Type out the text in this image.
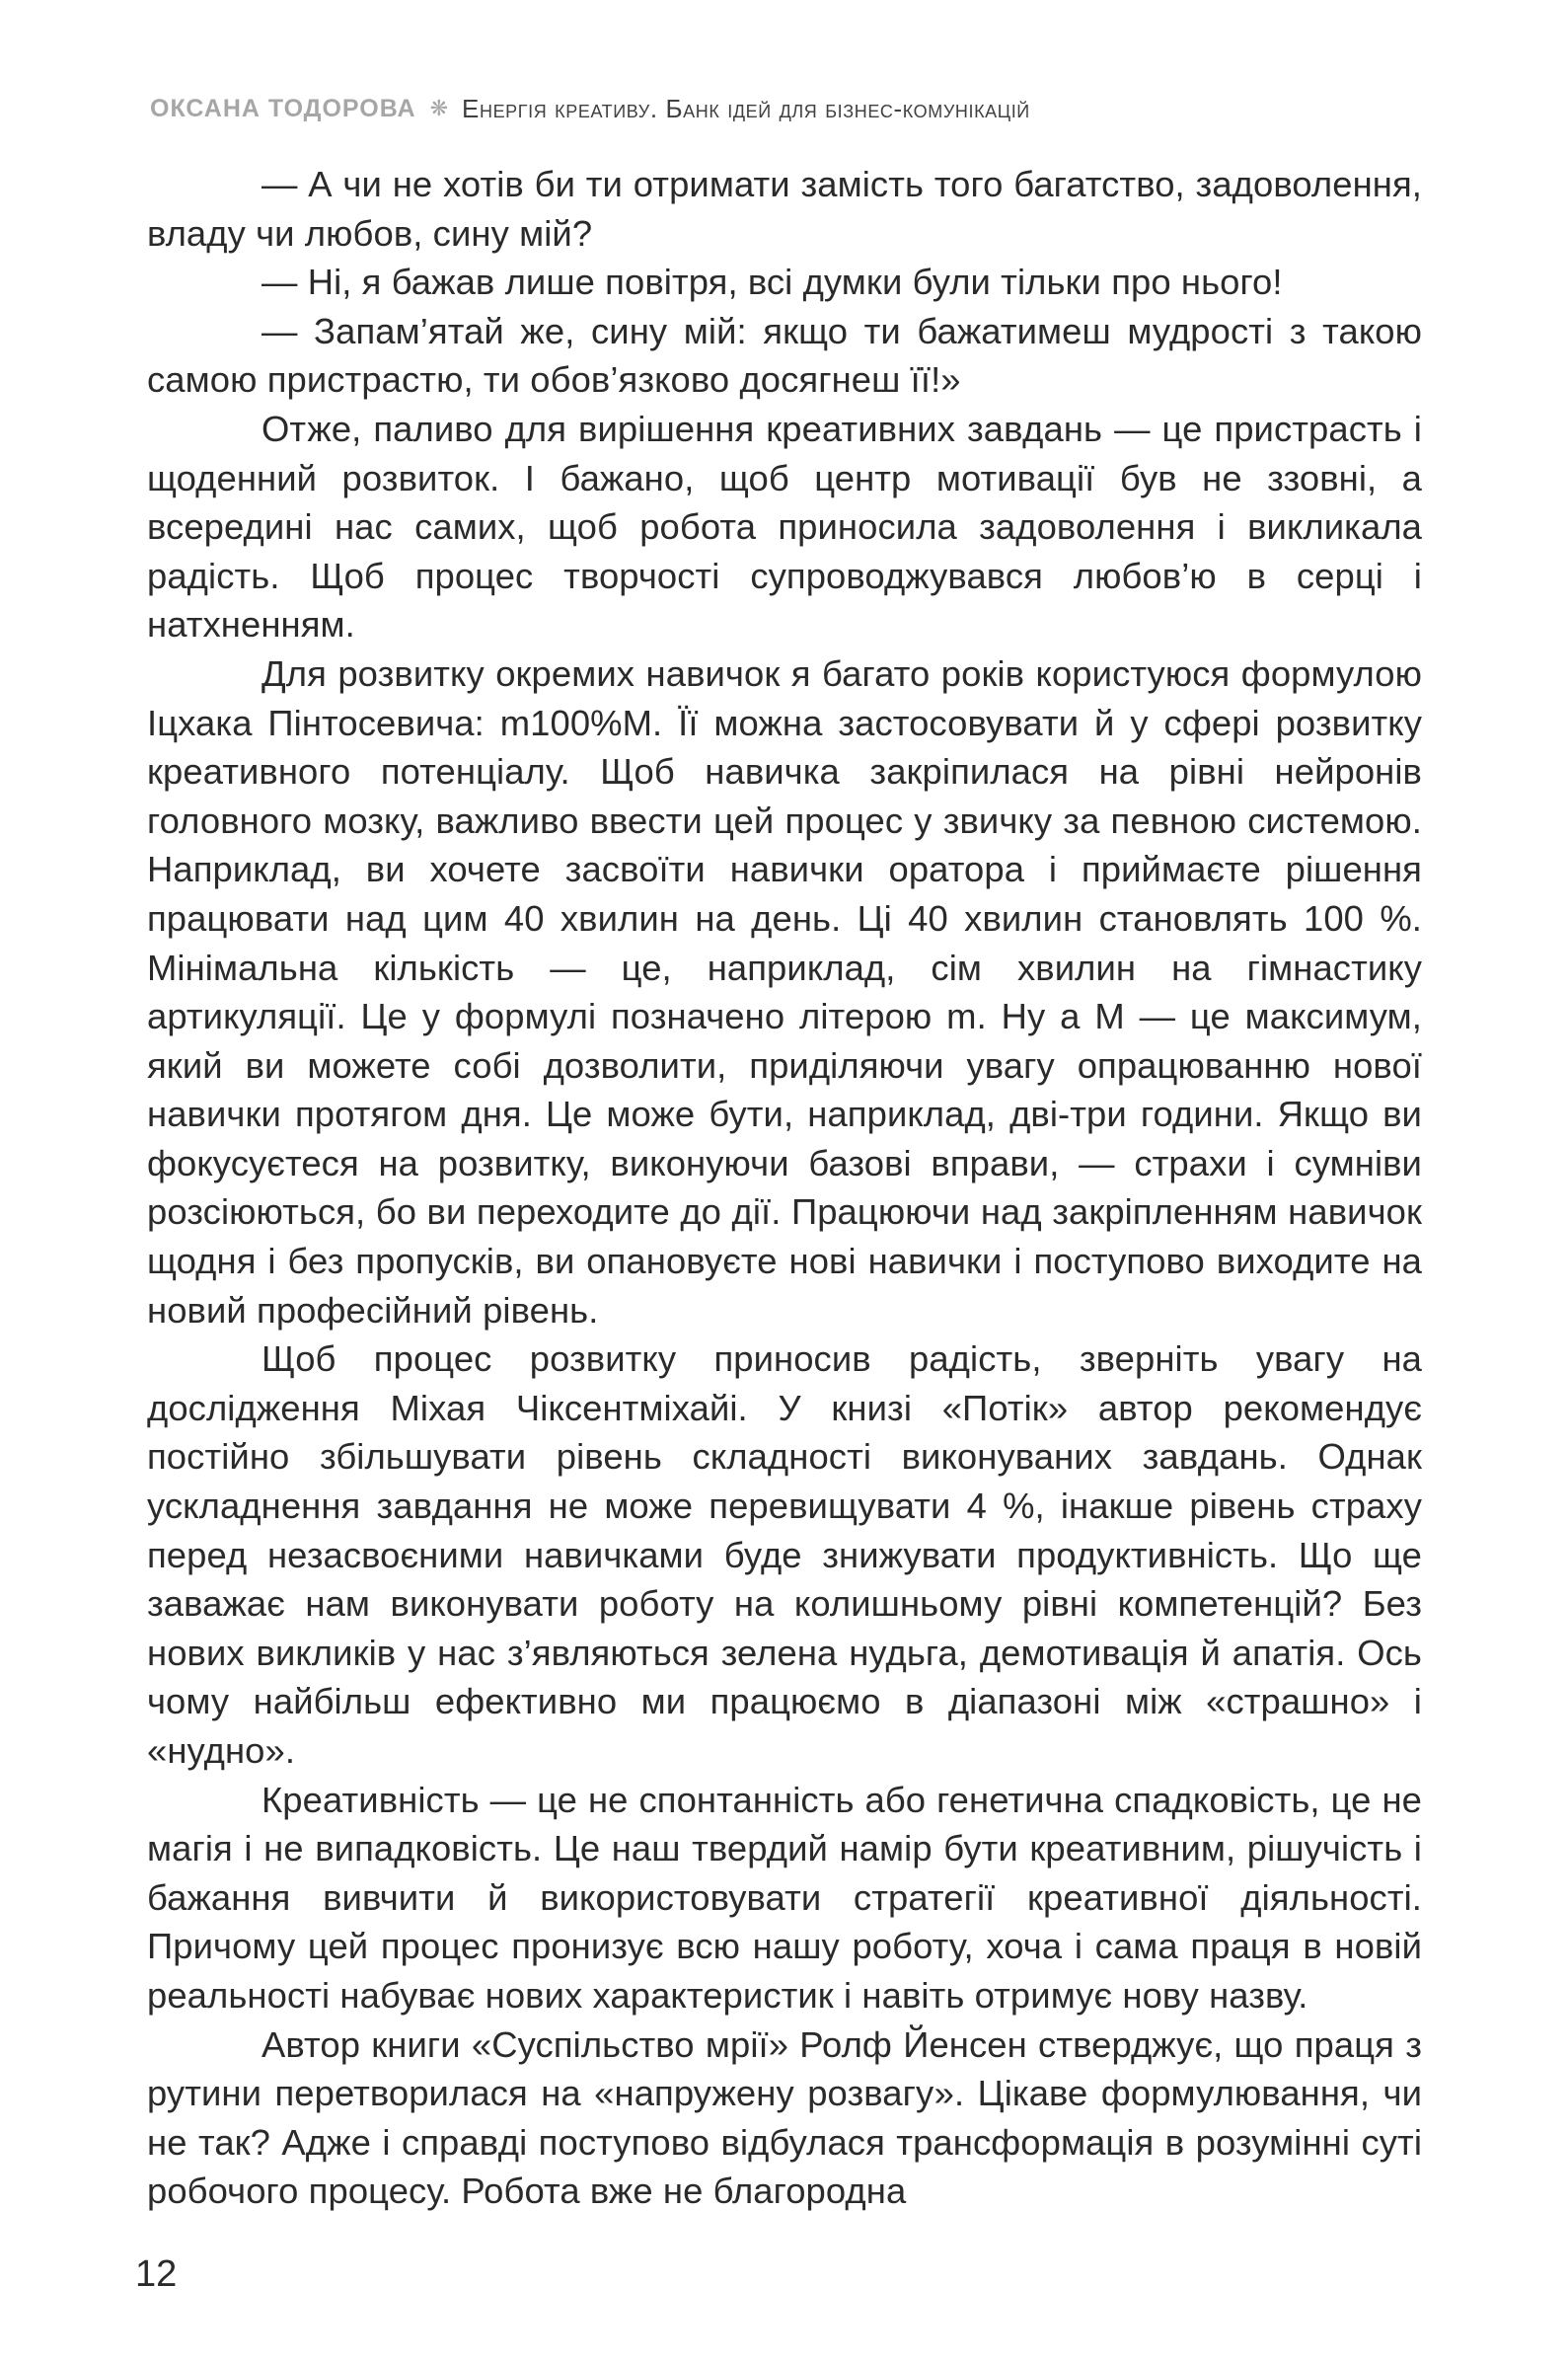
ОКСАНА ТОДОРОВА ❋ Енергія креативу. Банк ідей для бізнес-комунікацій

— А чи не хотів би ти отримати замість того багатство, задоволення, владу чи любов, сину мій?

— Ні, я бажав лише повітря, всі думки були тільки про нього!

— Запам’ятай же, сину мій: якщо ти бажатимеш мудрості з такою самою пристрастю, ти обов’язково досягнеш її!»

Отже, паливо для вирішення креативних завдань — це пристрасть і щоденний розвиток. І бажано, щоб центр мотивації був не ззовні, а всередині нас самих, щоб робота приносила задоволення і викликала радість. Щоб процес творчості супроводжувався любов’ю в серці і натхненням.

Для розвитку окремих навичок я багато років користуюся формулою Іцхака Пінтосевича: m100%M. Її можна застосовувати й у сфері розвитку креативного потенціалу. Щоб навичка закріпилася на рівні нейронів головного мозку, важливо ввести цей процес у звичку за певною системою. Наприклад, ви хочете засвоїти навички оратора і приймаєте рішення працювати над цим 40 хвилин на день. Ці 40 хвилин становлять 100 %. Мінімальна кількість — це, наприклад, сім хвилин на гімнастику артикуляції. Це у формулі позначено літерою m. Ну а M — це максимум, який ви можете собі дозволити, приділяючи увагу опрацюванню нової навички протягом дня. Це може бути, наприклад, дві-три години. Якщо ви фокусуєтеся на розвитку, виконуючи базові вправи, — страхи і сумніви розсіюються, бо ви переходите до дії. Працюючи над закріпленням навичок щодня і без пропусків, ви опановуєте нові навички і поступово виходите на новий професійний рівень.

Щоб процес розвитку приносив радість, зверніть увагу на дослідження Міхая Чіксентміхайі. У книзі «Потік» автор рекомендує постійно збільшувати рівень складності виконуваних завдань. Однак ускладнення завдання не може перевищувати 4 %, інакше рівень страху перед незасвоєними навичками буде знижувати продуктивність. Що ще заважає нам виконувати роботу на колишньому рівні компетенцій? Без нових викликів у нас з’являються зелена нудьга, демотивація й апатія. Ось чому найбільш ефективно ми працюємо в діапазоні між «страшно» і «нудно».

Креативність — це не спонтанність або генетична спадковість, це не магія і не випадковість. Це наш твердий намір бути креативним, рішучість і бажання вивчити й використовувати стратегії креативної діяльності. Причому цей процес пронизує всю нашу роботу, хоча і сама праця в новій реальності набуває нових характеристик і навіть отримує нову назву.

Автор книги «Суспільство мрії» Ролф Йенсен стверджує, що праця з рутини перетворилася на «напружену розвагу». Цікаве формулювання, чи не так? Адже і справді поступово відбулася трансформація в розумінні суті робочого процесу. Робота вже не благородна

12
